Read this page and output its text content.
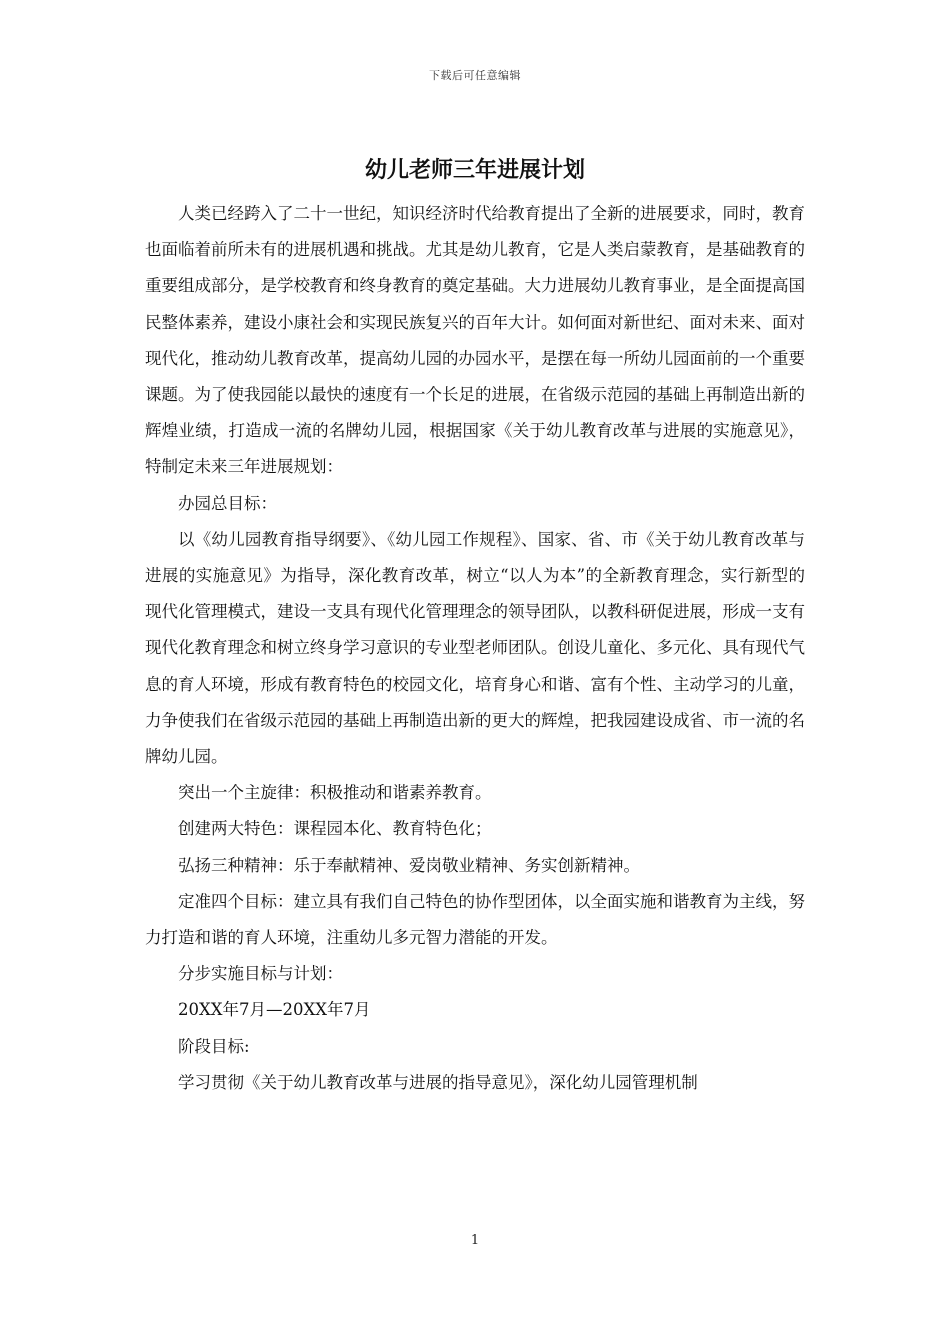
下载后可任意编辑
幼儿老师三年进展计划

人类已经跨入了二十一世纪，知识经济时代给教育提出了全新的进展要求，同时，教育也面临着前所未有的进展机遇和挑战。尤其是幼儿教育，它是人类启蒙教育，是基础教育的重要组成部分，是学校教育和终身教育的奠定基础。大力进展幼儿教育事业，是全面提高国民整体素养，建设小康社会和实现民族复兴的百年大计。如何面对新世纪、面对未来、面对现代化，推动幼儿教育改革，提高幼儿园的办园水平，是摆在每一所幼儿园面前的一个重要课题。为了使我园能以最快的速度有一个长足的进展，在省级示范园的基础上再制造出新的辉煌业绩，打造成一流的名牌幼儿园，根据国家《关于幼儿教育改革与进展的实施意见》，特制定未来三年进展规划：

办园总目标：

以《幼儿园教育指导纲要》、《幼儿园工作规程》、国家、省、市《关于幼儿教育改革与进展的实施意见》为指导，深化教育改革，树立“以人为本”的全新教育理念，实行新型的现代化管理模式，建设一支具有现代化管理理念的领导团队，以教科研促进展，形成一支有现代化教育理念和树立终身学习意识的专业型老师团队。创设儿童化、多元化、具有现代气息的育人环境，形成有教育特色的校园文化，培育身心和谐、富有个性、主动学习的儿童，力争使我们在省级示范园的基础上再制造出新的更大的辉煌，把我园建设成省、市一流的名牌幼儿园。

突出一个主旋律：积极推动和谐素养教育。

创建两大特色：课程园本化、教育特色化；

弘扬三种精神：乐于奉献精神、爱岗敬业精神、务实创新精神。

定准四个目标：建立具有我们自己特色的协作型团体，以全面实施和谐教育为主线，努力打造和谐的育人环境，注重幼儿多元智力潜能的开发。

分步实施目标与计划：

20XX年7月—20XX年7月

阶段目标:

学习贯彻《关于幼儿教育改革与进展的指导意见》，深化幼儿园管理机制

1
